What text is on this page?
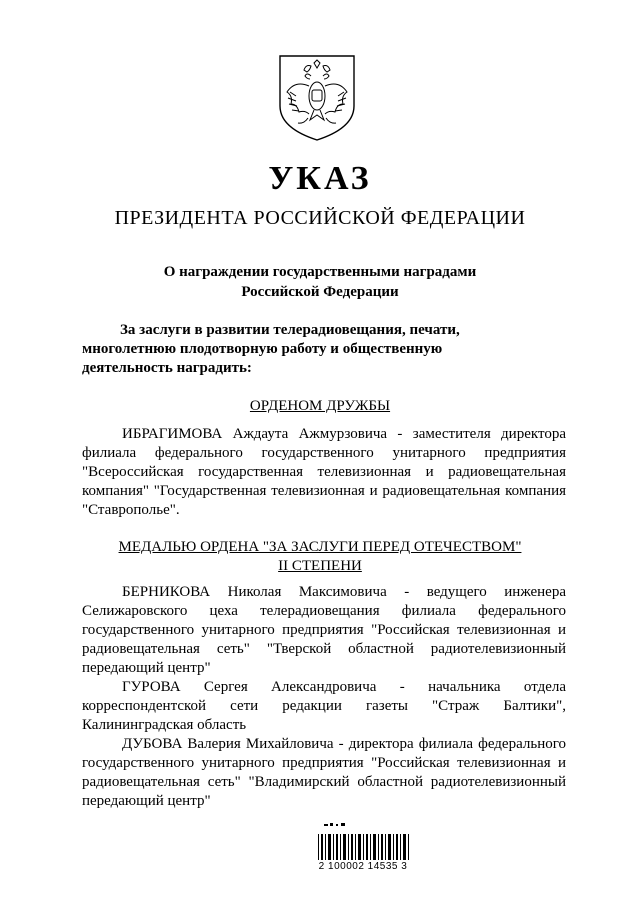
УКАЗ
ПРЕЗИДЕНТА РОССИЙСКОЙ ФЕДЕРАЦИИ
О награждении государственными наградами
Российской Федерации
За заслуги в развитии телерадиовещания, печати,
многолетнюю плодотворную работу и общественную
деятельность наградить:
ОРДЕНОМ ДРУЖБЫ
ИБРАГИМОВА Аждаута Ажмурзовича - заместителя директора филиала федерального государственного унитарного предприятия "Всероссийская государственная телевизионная и радиовещательная компания" "Государственная телевизионная и радиовещательная компания "Ставрополье".
МЕДАЛЬЮ ОРДЕНА "ЗА ЗАСЛУГИ ПЕРЕД ОТЕЧЕСТВОМ"
II СТЕПЕНИ
БЕРНИКОВА Николая Максимовича - ведущего инженера Селижаровского цеха телерадиовещания филиала федерального государственного унитарного предприятия "Российская телевизионная и радиовещательная сеть" "Тверской областной радиотелевизионный передающий центр"
ГУРОВА Сергея Александровича - начальника отдела корреспондентской сети редакции газеты "Страж Балтики", Калининградская область
ДУБОВА Валерия Михайловича - директора филиала федерального государственного унитарного предприятия "Российская телевизионная и радиовещательная сеть" "Владимирский областной радиотелевизионный передающий центр"
2 100002 14535 3
